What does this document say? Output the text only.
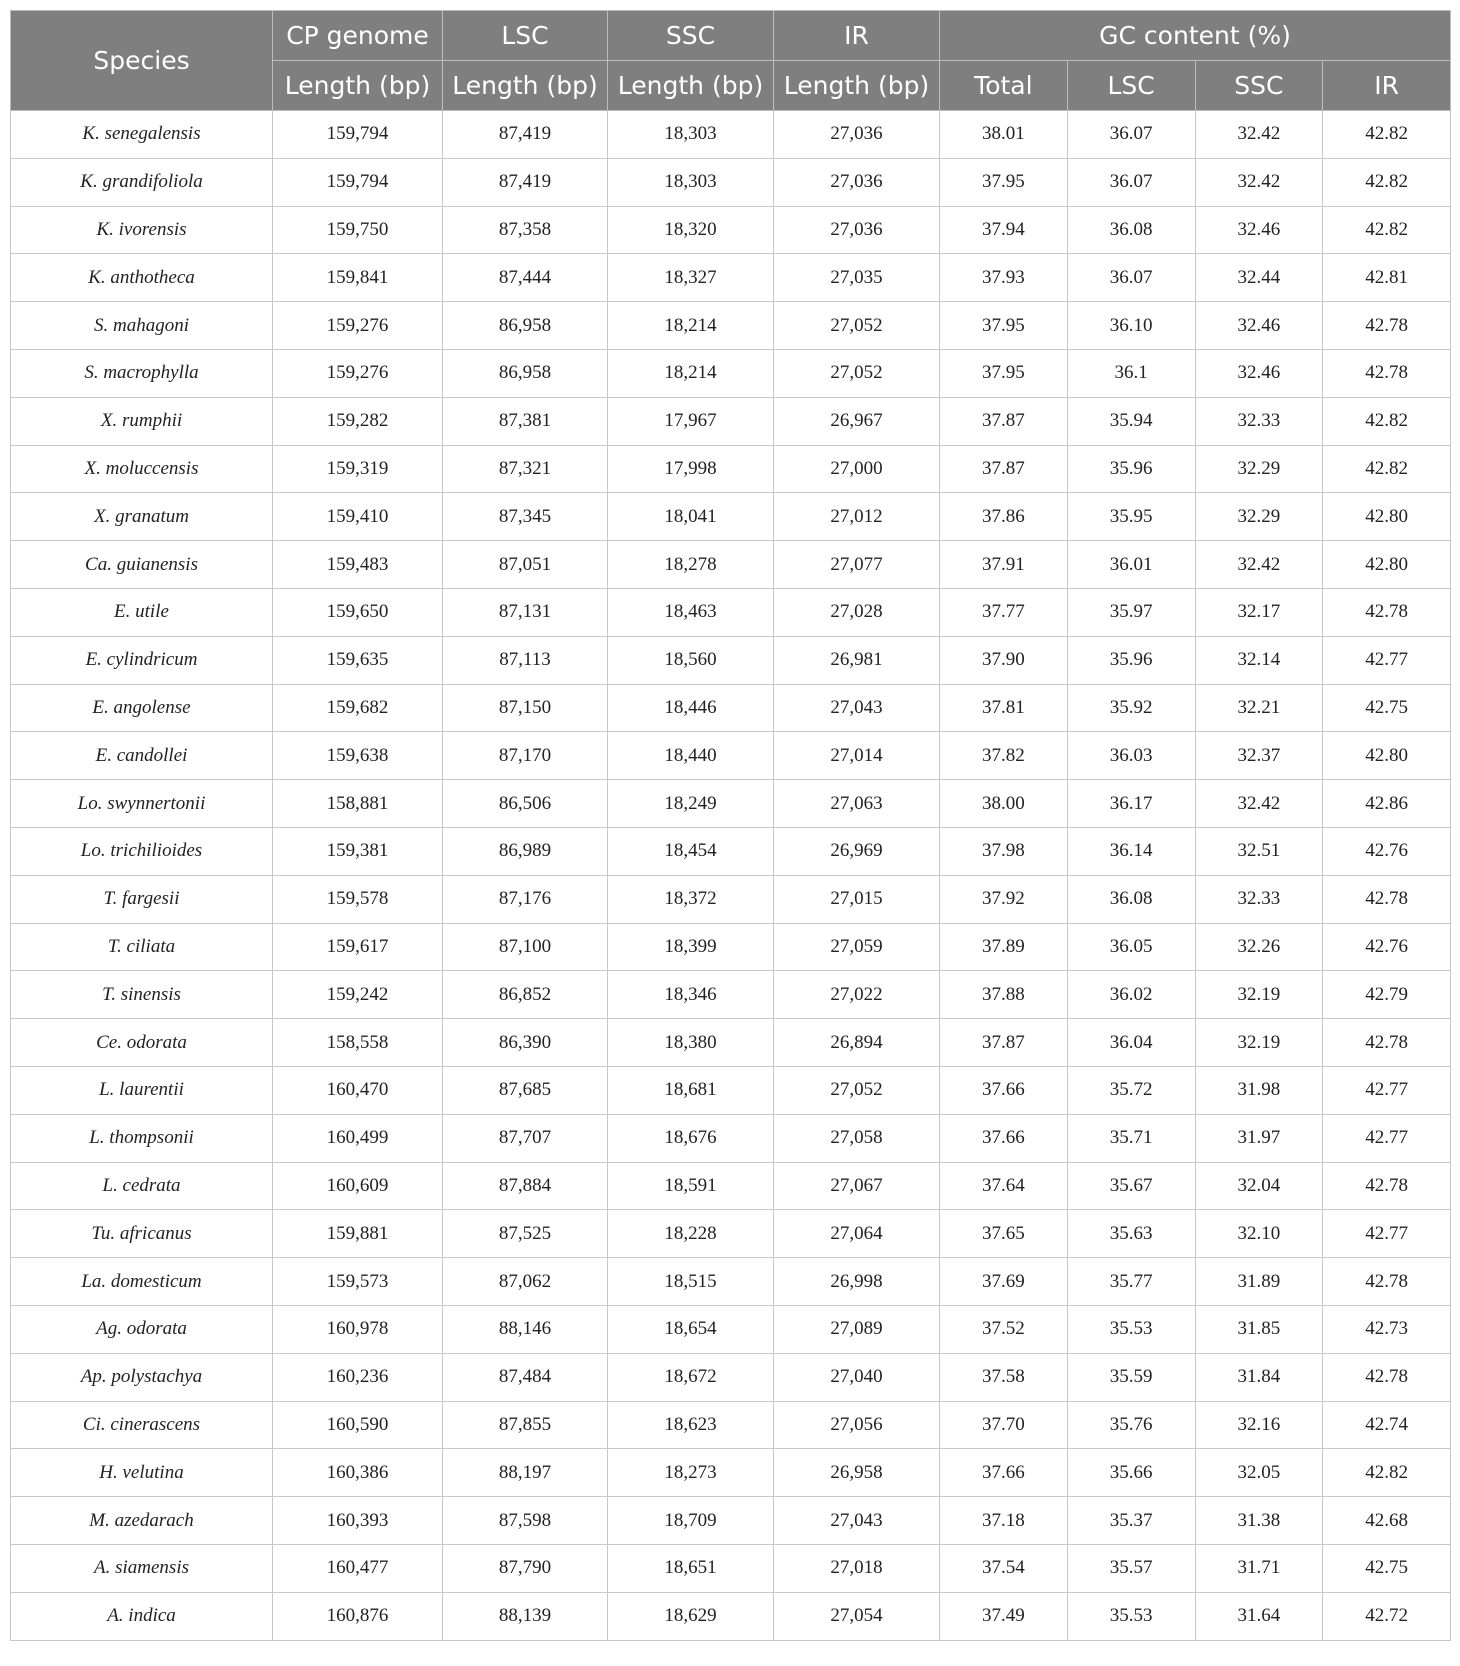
Species	CP genome	LSC	SSC	IR	GC content (%)			
	Length (bp)	Length (bp)	Length (bp)	Length (bp)	Total	LSC	SSC	IR
K. senegalensis	159,794	87,419	18,303	27,036	38.01	36.07	32.42	42.82
K. grandifoliola	159,794	87,419	18,303	27,036	37.95	36.07	32.42	42.82
K. ivorensis	159,750	87,358	18,320	27,036	37.94	36.08	32.46	42.82
K. anthotheca	159,841	87,444	18,327	27,035	37.93	36.07	32.44	42.81
S. mahagoni	159,276	86,958	18,214	27,052	37.95	36.10	32.46	42.78
S. macrophylla	159,276	86,958	18,214	27,052	37.95	36.1	32.46	42.78
X. rumphii	159,282	87,381	17,967	26,967	37.87	35.94	32.33	42.82
X. moluccensis	159,319	87,321	17,998	27,000	37.87	35.96	32.29	42.82
X. granatum	159,410	87,345	18,041	27,012	37.86	35.95	32.29	42.80
Ca. guianensis	159,483	87,051	18,278	27,077	37.91	36.01	32.42	42.80
E. utile	159,650	87,131	18,463	27,028	37.77	35.97	32.17	42.78
E. cylindricum	159,635	87,113	18,560	26,981	37.90	35.96	32.14	42.77
E. angolense	159,682	87,150	18,446	27,043	37.81	35.92	32.21	42.75
E. candollei	159,638	87,170	18,440	27,014	37.82	36.03	32.37	42.80
Lo. swynnertonii	158,881	86,506	18,249	27,063	38.00	36.17	32.42	42.86
Lo. trichilioides	159,381	86,989	18,454	26,969	37.98	36.14	32.51	42.76
T. fargesii	159,578	87,176	18,372	27,015	37.92	36.08	32.33	42.78
T. ciliata	159,617	87,100	18,399	27,059	37.89	36.05	32.26	42.76
T. sinensis	159,242	86,852	18,346	27,022	37.88	36.02	32.19	42.79
Ce. odorata	158,558	86,390	18,380	26,894	37.87	36.04	32.19	42.78
L. laurentii	160,470	87,685	18,681	27,052	37.66	35.72	31.98	42.77
L. thompsonii	160,499	87,707	18,676	27,058	37.66	35.71	31.97	42.77
L. cedrata	160,609	87,884	18,591	27,067	37.64	35.67	32.04	42.78
Tu. africanus	159,881	87,525	18,228	27,064	37.65	35.63	32.10	42.77
La. domesticum	159,573	87,062	18,515	26,998	37.69	35.77	31.89	42.78
Ag. odorata	160,978	88,146	18,654	27,089	37.52	35.53	31.85	42.73
Ap. polystachya	160,236	87,484	18,672	27,040	37.58	35.59	31.84	42.78
Ci. cinerascens	160,590	87,855	18,623	27,056	37.70	35.76	32.16	42.74
H. velutina	160,386	88,197	18,273	26,958	37.66	35.66	32.05	42.82
M. azedarach	160,393	87,598	18,709	27,043	37.18	35.37	31.38	42.68
A. siamensis	160,477	87,790	18,651	27,018	37.54	35.57	31.71	42.75
A. indica	160,876	88,139	18,629	27,054	37.49	35.53	31.64	42.72
